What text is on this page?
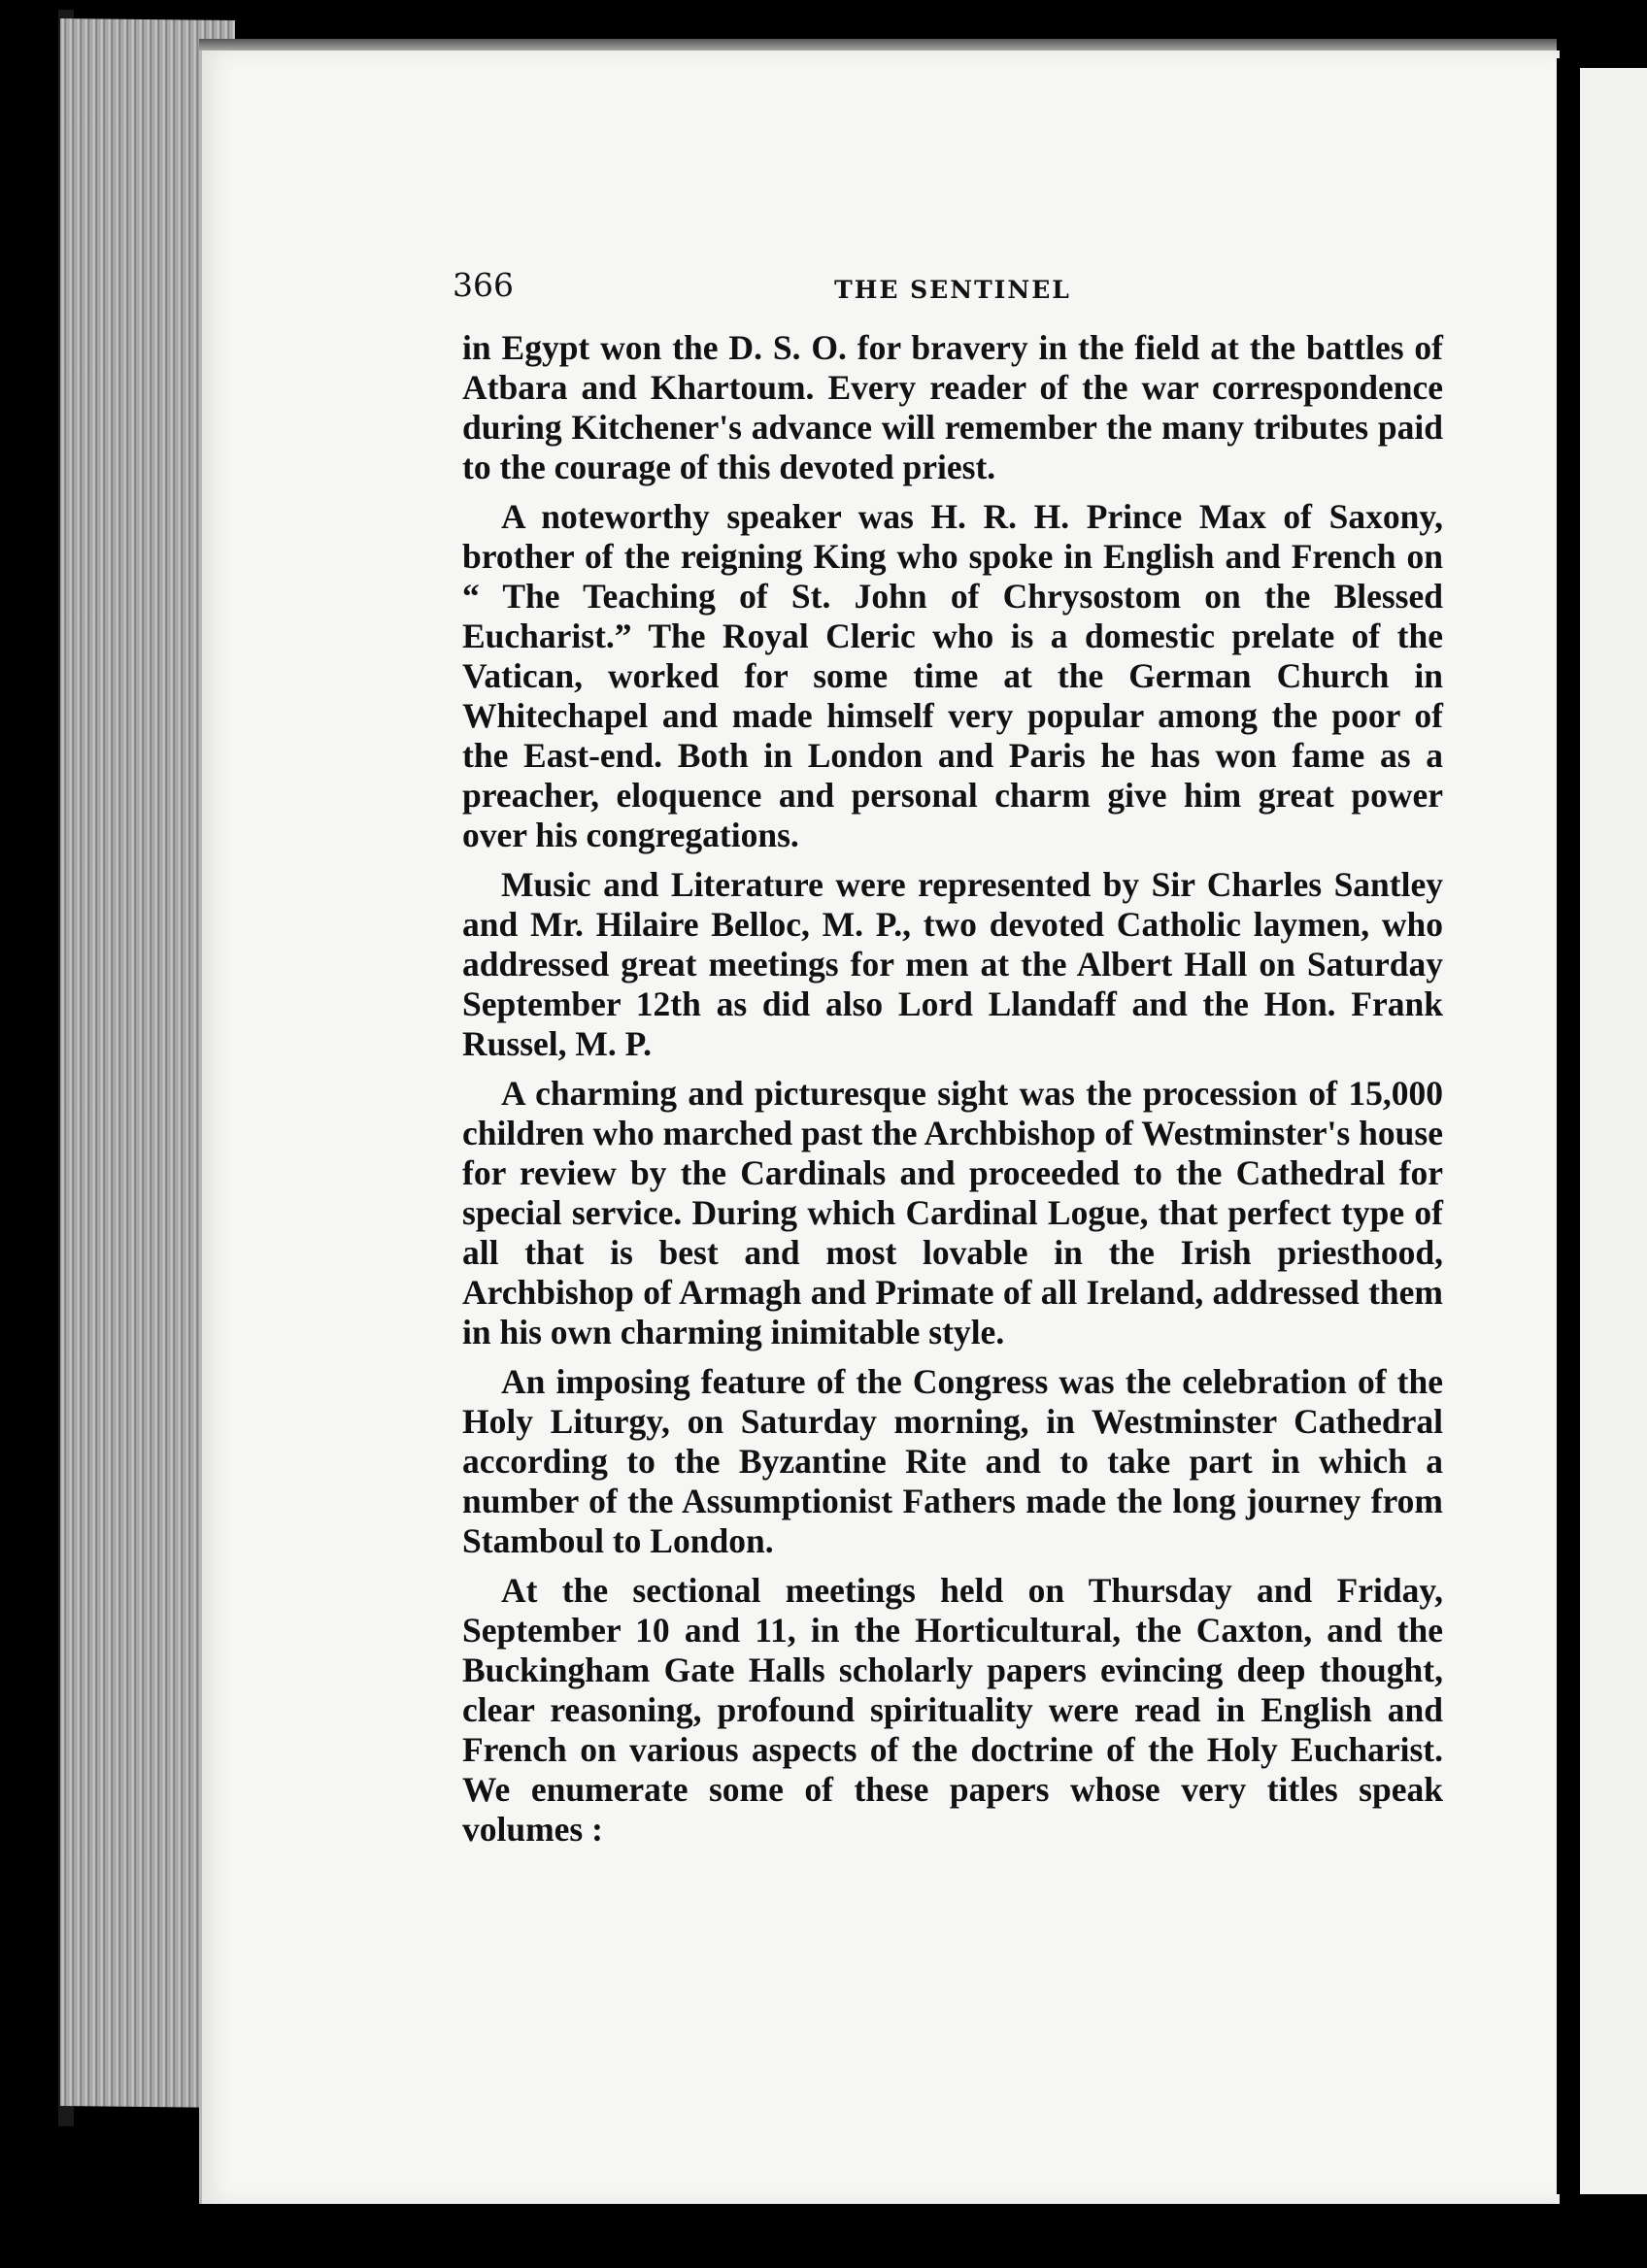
366	THE SENTINEL

in Egypt won the D. S. O. for bravery in the field at the battles of Atbara and Khartoum. Every reader of the war correspondence during Kitchener's advance will remember the many tributes paid to the courage of this devoted priest.

A noteworthy speaker was H. R. H. Prince Max of Saxony, brother of the reigning King who spoke in English and French on “ The Teaching of St. John of Chrysostom on the Blessed Eucharist.” The Royal Cleric who is a domestic prelate of the Vatican, worked for some time at the German Church in Whitechapel and made himself very popular among the poor of the East-end. Both in London and Paris he has won fame as a preacher, eloquence and personal charm give him great power over his congregations.

Music and Literature were represented by Sir Charles Santley and Mr. Hilaire Belloc, M. P., two devoted Catholic laymen, who addressed great meetings for men at the Albert Hall on Saturday September 12th as did also Lord Llandaff and the Hon. Frank Russel, M. P.

A charming and picturesque sight was the procession of 15,000 children who marched past the Archbishop of Westminster's house for review by the Cardinals and proceeded to the Cathedral for special service. During which Cardinal Logue, that perfect type of all that is best and most lovable in the Irish priesthood, Archbishop of Armagh and Primate of all Ireland, addressed them in his own charming inimitable style.

An imposing feature of the Congress was the celebration of the Holy Liturgy, on Saturday morning, in Westminster Cathedral according to the Byzantine Rite and to take part in which a number of the Assumptionist Fathers made the long journey from Stamboul to London.

At the sectional meetings held on Thursday and Friday, September 10 and 11, in the Horticultural, the Caxton, and the Buckingham Gate Halls scholarly papers evincing deep thought, clear reasoning, profound spirituality were read in English and French on various aspects of the doctrine of the Holy Eucharist. We enumerate some of these papers whose very titles speak volumes :
